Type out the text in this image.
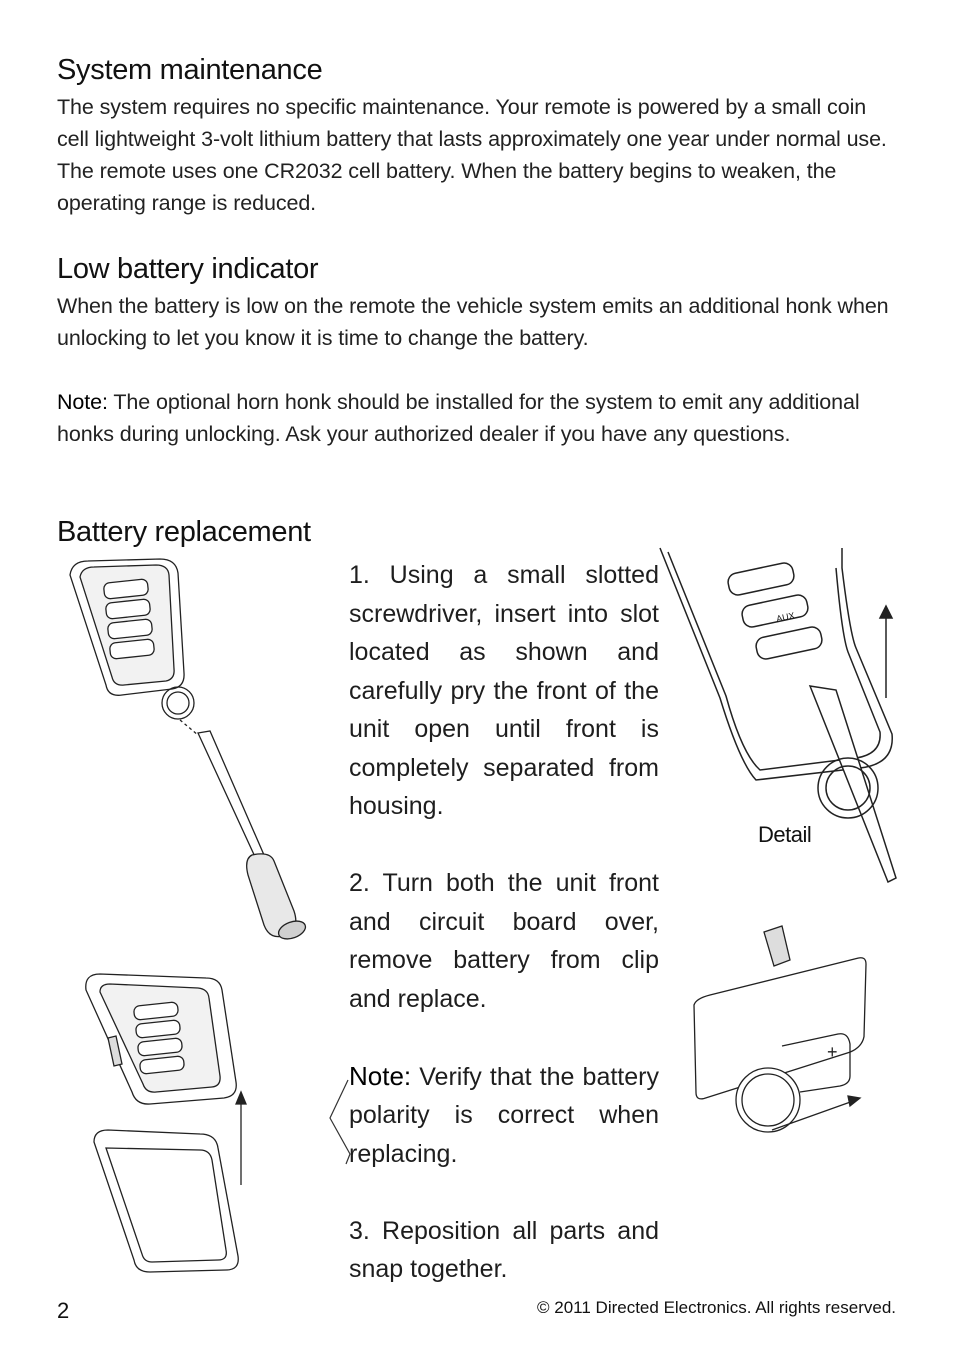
System maintenance

The system requires no specific maintenance. Your remote is powered by a small coin cell lightweight 3-volt lithium battery that lasts approximately one year under normal use. The remote uses one CR2032 cell battery. When the battery begins to weaken, the operating range is reduced.

Low battery indicator

When the battery is low on the remote the vehicle system emits an additional honk when unlocking to let you know it is time to change the battery.

Note: The optional horn honk should be installed for the system to emit any additional honks during unlocking. Ask your authorized dealer if you have any questions.

Battery replacement

1. Using a small slotted screwdriver, insert into slot located as shown and carefully pry the front of the unit open until front is completely separated from housing.

2. Turn both the unit front and circuit board over, remove battery from clip and replace.

Note: Verify that the battery polarity is correct when replacing.

3. Reposition all parts and snap together.

AUX
Detail
+
2	© 2011 Directed Electronics. All rights reserved.
